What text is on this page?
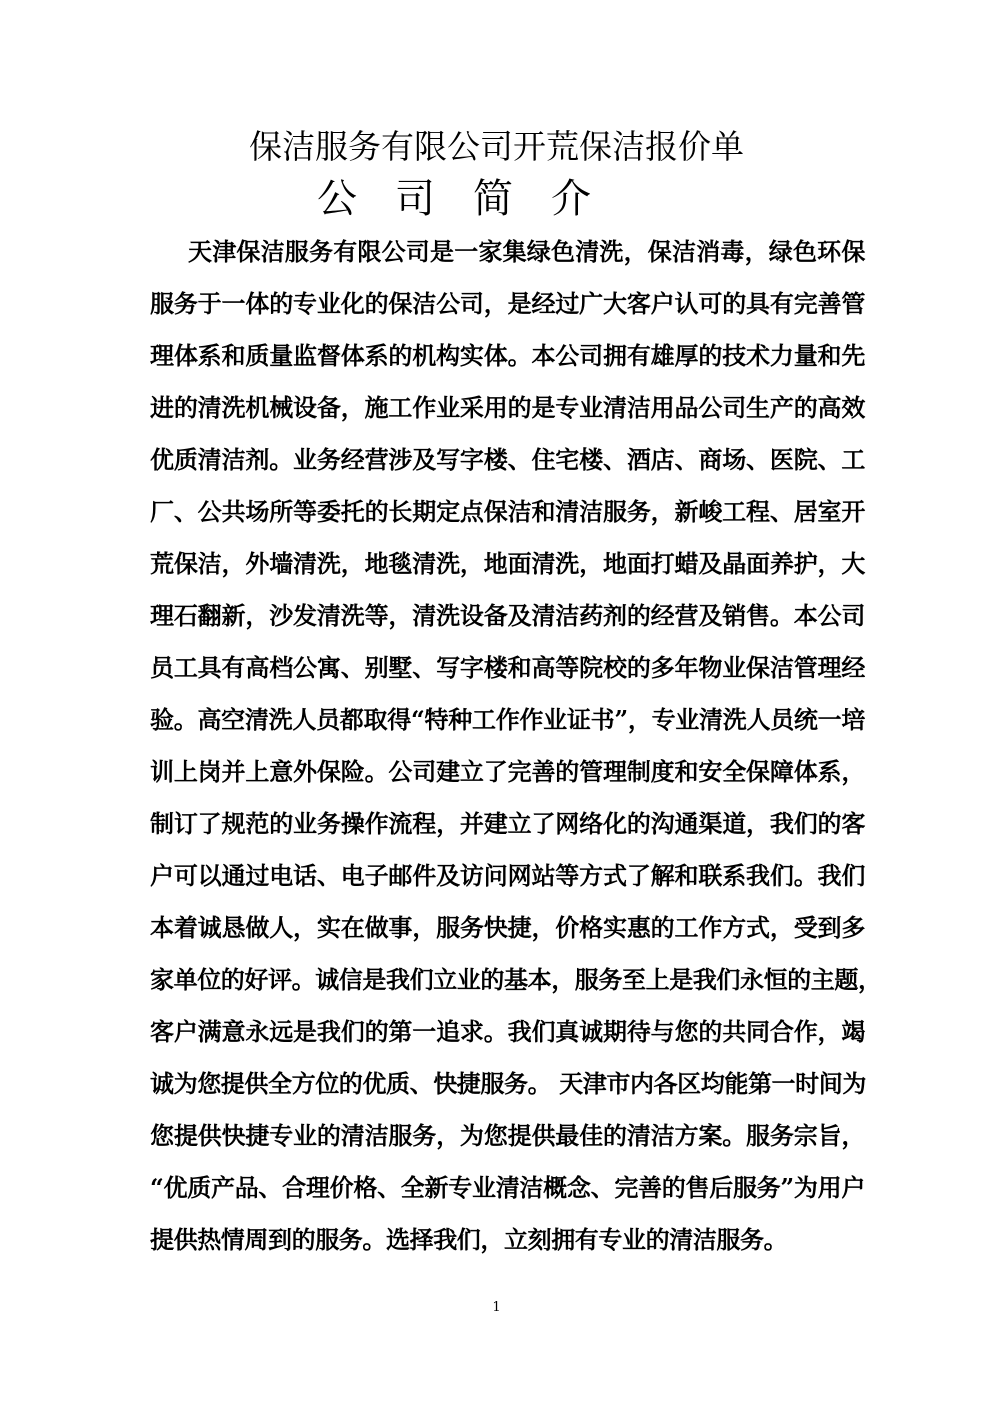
保洁服务有限公司开荒保洁报价单
公司简介
天津保洁服务有限公司是一家集绿色清洗，保洁消毒，绿色环保
服务于一体的专业化的保洁公司，是经过广大客户认可的具有完善管
理体系和质量监督体系的机构实体。本公司拥有雄厚的技术力量和先
进的清洗机械设备，施工作业采用的是专业清洁用品公司生产的高效
优质清洁剂。业务经营涉及写字楼、住宅楼、酒店、商场、医院、工
厂、公共场所等委托的长期定点保洁和清洁服务，新峻工程、居室开
荒保洁，外墙清洗，地毯清洗，地面清洗，地面打蜡及晶面养护，大
理石翻新，沙发清洗等，清洗设备及清洁药剂的经营及销售。本公司
员工具有高档公寓、别墅、写字楼和高等院校的多年物业保洁管理经
验。高空清洗人员都取得“特种工作作业证书”，专业清洗人员统一培
训上岗并上意外保险。公司建立了完善的管理制度和安全保障体系，
制订了规范的业务操作流程，并建立了网络化的沟通渠道，我们的客
户可以通过电话、电子邮件及访问网站等方式了解和联系我们。我们
本着诚恳做人，实在做事，服务快捷，价格实惠的工作方式，受到多
家单位的好评。诚信是我们立业的基本，服务至上是我们永恒的主题，
客户满意永远是我们的第一追求。我们真诚期待与您的共同合作，竭
诚为您提供全方位的优质、快捷服务。 天津市内各区均能第一时间为
您提供快捷专业的清洁服务，为您提供最佳的清洁方案。服务宗旨，
“优质产品、合理价格、全新专业清洁概念、完善的售后服务”为用户
提供热情周到的服务。选择我们，立刻拥有专业的清洁服务。
1
